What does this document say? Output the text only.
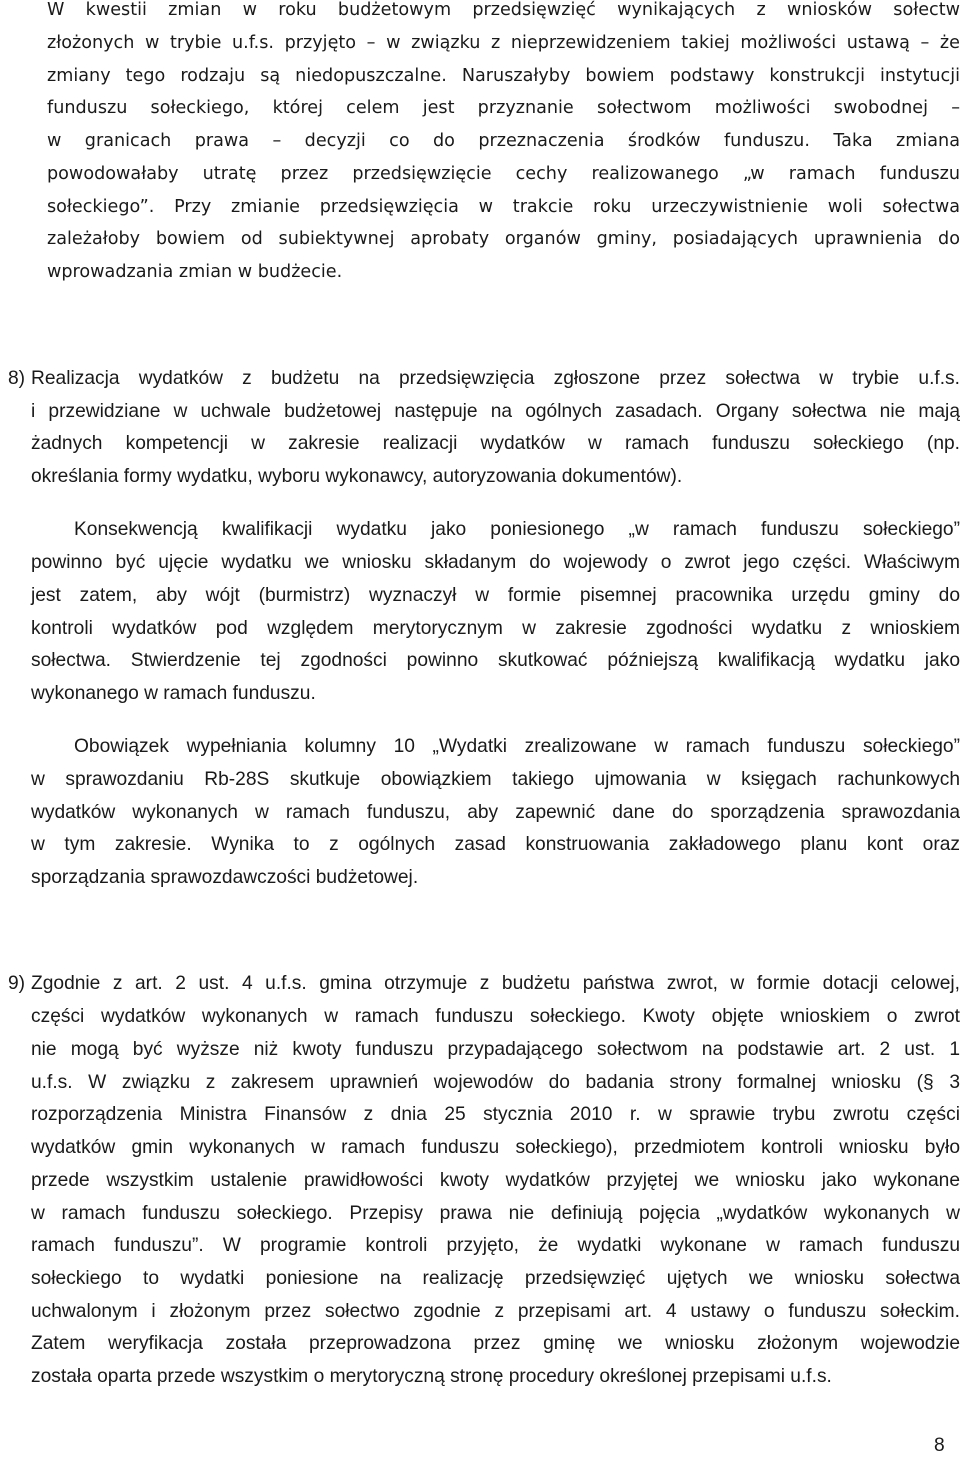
W kwestii zmian w roku budżetowym przedsięwzięć wynikających z wniosków sołectw
złożonych w trybie u.f.s. przyjęto – w związku z nieprzewidzeniem takiej możliwości ustawą – że
zmiany tego rodzaju są niedopuszczalne. Naruszałyby bowiem podstawy konstrukcji instytucji
funduszu sołeckiego, której celem jest przyznanie sołectwom możliwości swobodnej –
w granicach prawa – decyzji co do przeznaczenia środków funduszu. Taka zmiana
powodowałaby utratę przez przedsięwzięcie cechy realizowanego „w ramach funduszu
sołeckiego”. Przy zmianie przedsięwzięcia w trakcie roku urzeczywistnienie woli sołectwa
zależałoby bowiem od subiektywnej aprobaty organów gminy, posiadających uprawnienia do
wprowadzania zmian w budżecie.
8) Realizacja wydatków z budżetu na przedsięwzięcia zgłoszone przez sołectwa w trybie u.f.s.
i przewidziane w uchwale budżetowej następuje na ogólnych zasadach. Organy sołectwa nie mają
żadnych kompetencji w zakresie realizacji wydatków w ramach funduszu sołeckiego (np.
określania formy wydatku, wyboru wykonawcy, autoryzowania dokumentów).
Konsekwencją kwalifikacji wydatku jako poniesionego „w ramach funduszu sołeckiego”
powinno być ujęcie wydatku we wniosku składanym do wojewody o zwrot jego części. Właściwym
jest zatem, aby wójt (burmistrz) wyznaczył w formie pisemnej pracownika urzędu gminy do
kontroli wydatków pod względem merytorycznym w zakresie zgodności wydatku z wnioskiem
sołectwa. Stwierdzenie tej zgodności powinno skutkować późniejszą kwalifikacją wydatku jako
wykonanego w ramach funduszu.
Obowiązek wypełniania kolumny 10 „Wydatki zrealizowane w ramach funduszu sołeckiego”
w sprawozdaniu Rb-28S skutkuje obowiązkiem takiego ujmowania w księgach rachunkowych
wydatków wykonanych w ramach funduszu, aby zapewnić dane do sporządzenia sprawozdania
w tym zakresie. Wynika to z ogólnych zasad konstruowania zakładowego planu kont oraz
sporządzania sprawozdawczości budżetowej.
9) Zgodnie z art. 2 ust. 4 u.f.s. gmina otrzymuje z budżetu państwa zwrot, w formie dotacji celowej,
części wydatków wykonanych w ramach funduszu sołeckiego. Kwoty objęte wnioskiem o zwrot
nie mogą być wyższe niż kwoty funduszu przypadającego sołectwom na podstawie art. 2 ust. 1
u.f.s. W związku z zakresem uprawnień wojewodów do badania strony formalnej wniosku (§ 3
rozporządzenia Ministra Finansów z dnia 25 stycznia 2010 r. w sprawie trybu zwrotu części
wydatków gmin wykonanych w ramach funduszu sołeckiego), przedmiotem kontroli wniosku było
przede wszystkim ustalenie prawidłowości kwoty wydatków przyjętej we wniosku jako wykonane
w ramach funduszu sołeckiego. Przepisy prawa nie definiują pojęcia „wydatków wykonanych w
ramach funduszu”. W programie kontroli przyjęto, że wydatki wykonane w ramach funduszu
sołeckiego to wydatki poniesione na realizację przedsięwzięć ujętych we wniosku sołectwa
uchwalonym i złożonym przez sołectwo zgodnie z przepisami art. 4 ustawy o funduszu sołeckim.
Zatem weryfikacja została przeprowadzona przez gminę we wniosku złożonym wojewodzie
została oparta przede wszystkim o merytoryczną stronę procedury określonej przepisami u.f.s.
8
